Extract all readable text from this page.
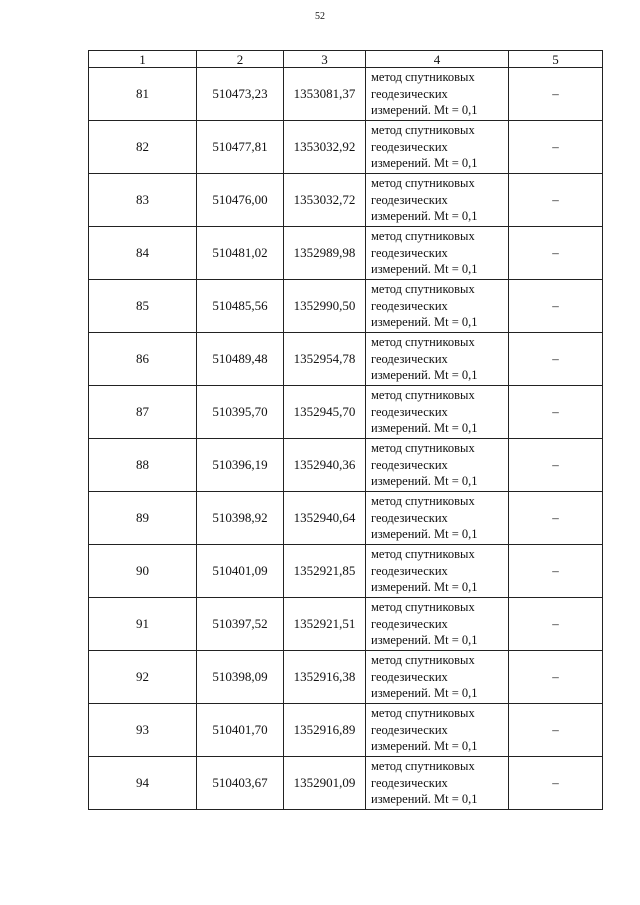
52
1	2	3	4	5
81	510473,23	1353081,37	метод спутниковых
геодезических
измерений. Mt = 0,1	–
82	510477,81	1353032,92	метод спутниковых
геодезических
измерений. Mt = 0,1	–
83	510476,00	1353032,72	метод спутниковых
геодезических
измерений. Mt = 0,1	–
84	510481,02	1352989,98	метод спутниковых
геодезических
измерений. Mt = 0,1	–
85	510485,56	1352990,50	метод спутниковых
геодезических
измерений. Mt = 0,1	–
86	510489,48	1352954,78	метод спутниковых
геодезических
измерений. Mt = 0,1	–
87	510395,70	1352945,70	метод спутниковых
геодезических
измерений. Mt = 0,1	–
88	510396,19	1352940,36	метод спутниковых
геодезических
измерений. Mt = 0,1	–
89	510398,92	1352940,64	метод спутниковых
геодезических
измерений. Mt = 0,1	–
90	510401,09	1352921,85	метод спутниковых
геодезических
измерений. Mt = 0,1	–
91	510397,52	1352921,51	метод спутниковых
геодезических
измерений. Mt = 0,1	–
92	510398,09	1352916,38	метод спутниковых
геодезических
измерений. Mt = 0,1	–
93	510401,70	1352916,89	метод спутниковых
геодезических
измерений. Mt = 0,1	–
94	510403,67	1352901,09	метод спутниковых
геодезических
измерений. Mt = 0,1	–
